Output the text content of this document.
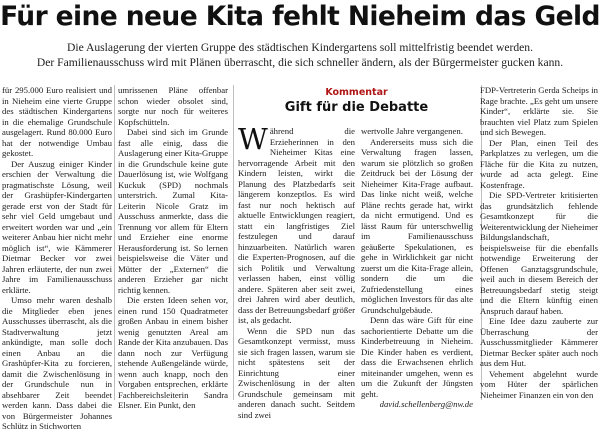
Für eine neue Kita fehlt Nieheim das Geld
Die Auslagerung der vierten Gruppe des städtischen Kindergartens soll mittelfristig beendet werden.
Der Familienausschuss wird mit Plänen überrascht, die sich schneller ändern, als der Bürgermeister gucken kann.

für 295.000 Euro realisiert und in Nieheim eine vierte Gruppe des städtischen Kindergartens in die ehemalige Grundschule ausgelagert. Rund 80.000 Euro hat der notwendige Umbau gekostet.

Der Auszug einiger Kinder erschien der Verwaltung die pragmatischste Lösung, weil der Grashüpfer-Kindergarten gerade erst von der Stadt für sehr viel Geld umgebaut und erweitert worden war und „ein weiterer Anbau hier nicht mehr möglich ist“, wie Kämmerer Dietmar Becker vor zwei Jahren erläuterte, der nun zwei Jahre im Familienausschuss erklärte.

Umso mehr waren deshalb die Mitglieder eben jenes Ausschusses überrascht, als die Stadtverwaltung jetzt ankündigte, man solle doch einen Anbau an die Grashüpfer-Kita zu forcieren, damit die Zwischenlösung in der Grundschule nun in absehbarer Zeit beendet werden kann. Dass dabei die von Bürgermeister Johannes Schlütz in Stichworten

umrissenen Pläne offenbar schon wieder obsolet sind, sorgte nur noch für weiteres Kopfschütteln.

Dabei sind sich im Grunde fast alle einig, dass die Auslagerung einer Kita-Gruppe in die Grundschule keine gute Dauerlösung ist, wie Wolfgang Kuckuk (SPD) nochmals unterstrich. Zumal Kita-Leiterin Nicole Gratz im Ausschuss anmerkte, dass die Trennung vor allem für Eltern und Erzieher eine enorme Herausforderung ist. So lernen beispielsweise die Väter und Mütter der „Externen“ die anderen Erzieher gar nicht richtig kennen.

Die ersten Ideen sehen vor, einen rund 150 Quadratmeter großen Anbau in einem bisher wenig genutzten Areal am Rande der Kita anzubauen. Das dann noch zur Verfügung stehende Außengelände würde, wenn auch knapp, noch den Vorgaben entsprechen, erklärte Fachbereichsleiterin Sandra Elsner. Ein Punkt, den

Kommentar
Gift für die Debatte

Während die Erzieherinnen in den Nieheimer Kitas eine hervorragende Arbeit mit den Kindern leisten, wirkt die Planung des Platzbedarfs seit längerem konzeptlos. Es wird fast nur noch hektisch auf aktuelle Entwicklungen reagiert, statt ein langfristiges Ziel festzulegen und darauf hinzuarbeiten. Natürlich waren die Experten-Prognosen, auf die sich Politik und Verwaltung verlassen haben, einst völlig andere. Späteren aber seit zwei, drei Jahren wird aber deutlich, dass der Betreuungsbedarf größer ist, als gedacht.

Wenn die SPD nun das Gesamtkonzept vermisst, muss sie sich fragen lassen, warum sie nicht spätestens seit der Einrichtung einer Zwischenlösung in der alten Grundschule gemeinsam mit anderen danach sucht. Seitdem sind zwei

wertvolle Jahre vergangenen.

Andererseits muss sich die Verwaltung fragen lassen, warum sie plötzlich so großen Zeitdruck bei der Lösung der Nieheimer Kita-Frage aufbaut. Das linke nicht weiß, welche Pläne rechts gerade hat, wirkt da nicht ermutigend. Und es lässt Raum für unterschwellig im Familienausschuss geäußerte Spekulationen, es gehe in Wirklichkeit gar nicht zuerst um die Kita-Frage allein, sondern die um die Zufriedenstellung eines möglichen Investors für das alte Grundschulgebäude.

Denn das wäre Gift für eine sachorientierte Debatte um die Kinderbetreuung in Nieheim. Die Kinder haben es verdient, dass die Erwachsenen ehrlich miteinander umgehen, wenn es um die Zukunft der Jüngsten geht.

david.schellenberg@nw.de

FDP-Vertreterin Gerda Scheips in Rage brachte. „Es geht um unsere Kinder“, erklärte sie. Sie brauchten viel Platz zum Spielen und sich Bewegen.

Der Plan, einen Teil des Parkplatzes zu verlegen, um die Fläche für die Kita zu nutzen, wurde ad acta gelegt. Eine Kostenfrage.

Die SPD-Vertreter kritisierten das grundsätzlich fehlende Gesamtkonzept für die Weiterentwicklung der Nieheimer Bildungslandschaft, beispielsweise für die ebenfalls notwendige Erweiterung der Offenen Ganztagsgrundschule, weil auch in diesem Bereich der Betreuungsbedarf stetig steigt und die Eltern künftig einen Anspruch darauf haben.

Eine Idee dazu zauberte zur Überraschung der Ausschussmitglieder Kämmerer Dietmar Becker später auch noch aus dem Hut.

Vehement abgelehnt wurde vom Hüter der spärlichen Nieheimer Finanzen ein von den
